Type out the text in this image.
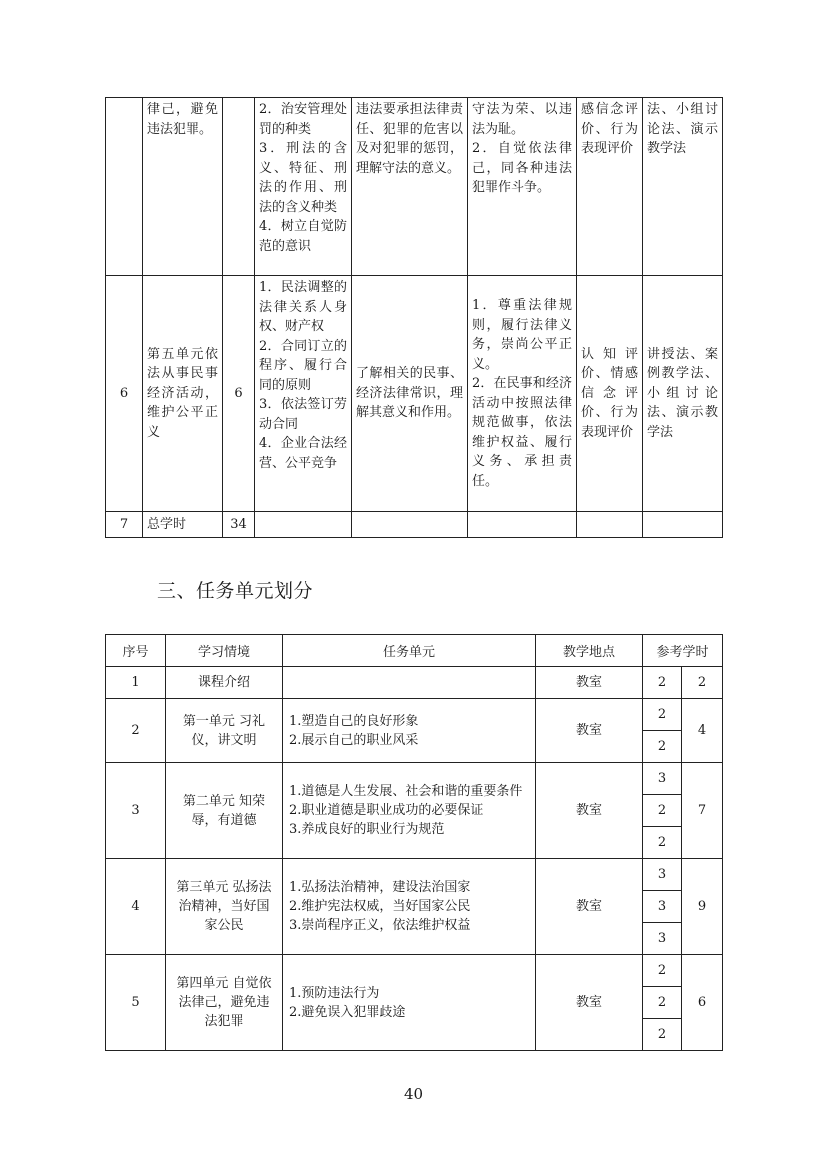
	律己，避免违法犯罪。		2．治安管理处罚的种类
3．刑法的含义、特征、刑法的作用、刑法的含义种类
4．树立自觉防范的意识	违法要承担法律责任、犯罪的危害以及对犯罪的惩罚，理解守法的意义。	守法为荣、以违法为耻。
2．自觉依法律己，同各种违法犯罪作斗争。	感信念评价、行为表现评价	法、小组讨论法、演示教学法
6	第五单元依法从事民事经济活动，维护公平正义	6	1．民法调整的法律关系人身权、财产权
2．合同订立的程序、履行合同的原则
3．依法签订劳动合同
4．企业合法经营、公平竞争	了解相关的民事、经济法律常识，理解其意义和作用。	1．尊重法律规则，履行法律义务，崇尚公平正义。
2．在民事和经济活动中按照法律规范做事，依法维护权益、履行义务、承担责任。	认知评价、情感信念评价、行为表现评价	讲授法、案例教学法、小组讨论法、演示教学法
7	总学时	34					
三、任务单元划分
序号	学习情境	任务单元	教学地点	参考学时	
1	课程介绍		教室	2	2
2	第一单元 习礼仪，讲文明	1.塑造自己的良好形象
2.展示自己的职业风采	教室	2	4
				2	
3	第二单元 知荣辱，有道德	1.道德是人生发展、社会和谐的重要条件
2.职业道德是职业成功的必要保证
3.养成良好的职业行为规范	教室	3	7
				2	
				2	
4	第三单元 弘扬法治精神，当好国家公民	1.弘扬法治精神，建设法治国家
2.维护宪法权威，当好国家公民
3.崇尚程序正义，依法维护权益	教室	3	9
				3	
				3	
5	第四单元 自觉依法律己，避免违法犯罪	1.预防违法行为
2.避免误入犯罪歧途	教室	2	6
				2	
				2	
40
